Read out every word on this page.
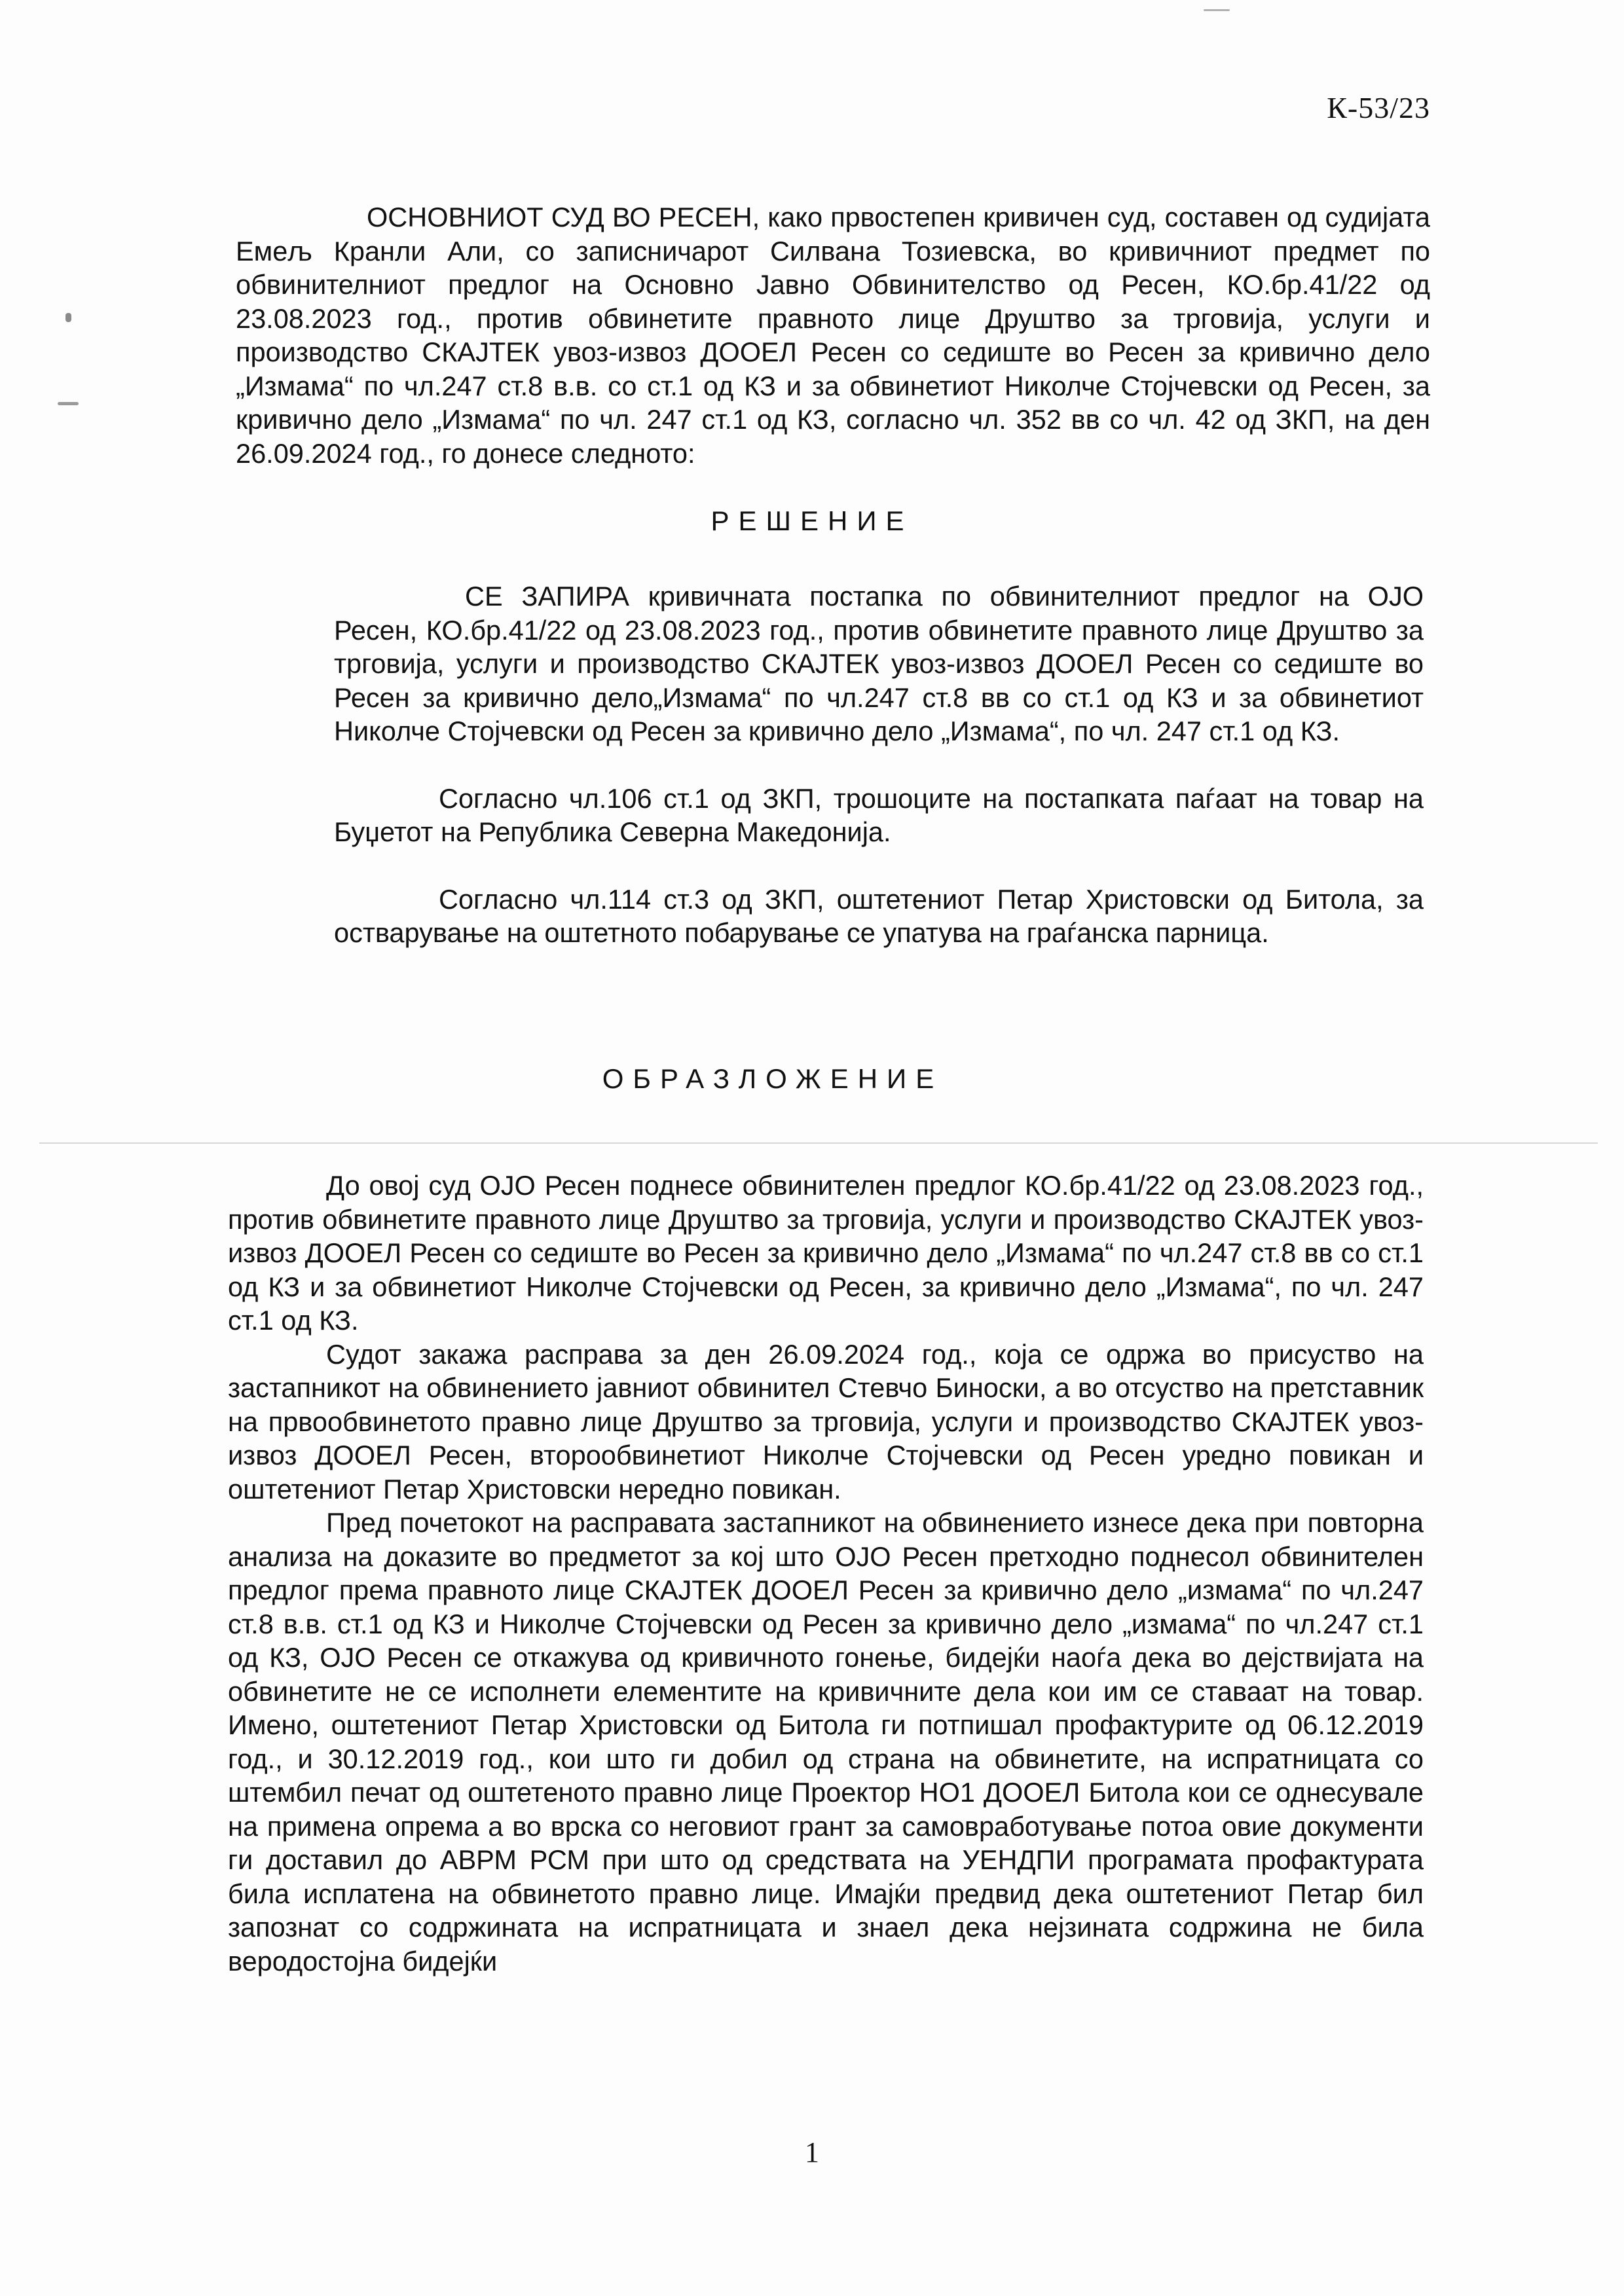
К-53/23

ОСНОВНИОТ СУД ВО РЕСЕН, како првостепен кривичен суд, составен од судијата Емељ Кранли Али, со записничарот Силвана Тозиевска, во кривичниот предмет по обвинителниот предлог на Основно Јавно Обвинителство од Ресен, КО.бр.41/22 од 23.08.2023 год., против обвинетите правното лице Друштво за трговија, услуги и производство СКАЈТЕК увоз-извоз ДООЕЛ Ресен со седиште во Ресен за кривично дело „Измама“ по чл.247 ст.8 в.в. со ст.1 од КЗ и за обвинетиот Николче Стојчевски од Ресен, за кривично дело „Измама“ по чл. 247 ст.1 од КЗ, согласно чл. 352 вв со чл. 42 од ЗКП, на ден 26.09.2024 год., го донесе следното:

РЕШЕНИЕ

СЕ ЗАПИРА кривичната постапка по обвинителниот предлог на ОЈО Ресен, КО.бр.41/22 од 23.08.2023 год., против обвинетите правното лице Друштво за трговија, услуги и производство СКАЈТЕК увоз-извоз ДООЕЛ Ресен со седиште во Ресен за кривично дело„Измама“ по чл.247 ст.8 вв со ст.1 од КЗ и за обвинетиот Николче Стојчевски од Ресен за кривично дело „Измама“, по чл. 247 ст.1 од КЗ.

Согласно чл.106 ст.1 од ЗКП, трошоците на постапката паѓаат на товар на Буџетот на Република Северна Македонија.

Согласно чл.114 ст.3 од ЗКП, оштетениот Петар Христовски од Битола, за остварување на оштетното побарување се упатува на граѓанска парница.

ОБРАЗЛОЖЕНИЕ

До овој суд ОЈО Ресен поднесе обвинителен предлог КО.бр.41/22 од 23.08.2023 год., против обвинетите правното лице Друштво за трговија, услуги и производство СКАЈТЕК увоз-извоз ДООЕЛ Ресен со седиште во Ресен за кривично дело „Измама“ по чл.247 ст.8 вв со ст.1 од КЗ и за обвинетиот Николче Стојчевски од Ресен, за кривично дело „Измама“, по чл. 247 ст.1 од КЗ.

Судот закажа расправа за ден 26.09.2024 год., која се одржа во присуство на застапникот на обвинението јавниот обвинител Стевчо Биноски, а во отсуство на претставник на првообвинетото правно лице Друштво за трговија, услуги и производство СКАЈТЕК увоз-извоз ДООЕЛ Ресен, второобвинетиот Николче Стојчевски од Ресен уредно повикан и оштетениот Петар Христовски нередно повикан.

Пред почетокот на расправата застапникот на обвинението изнесе дека при повторна анализа на доказите во предметот за кој што ОЈО Ресен претходно поднесол обвинителен предлог према правното лице СКАЈТЕК ДООЕЛ Ресен за кривично дело „измама“ по чл.247 ст.8 в.в. ст.1 од КЗ и Николче Стојчевски од Ресен за кривично дело „измама“ по чл.247 ст.1 од КЗ, ОЈО Ресен се откажува од кривичното гонење, бидејќи наоѓа дека во дејствијата на обвинетите не се исполнети елементите на кривичните дела кои им се ставаат на товар. Имено, оштетениот Петар Христовски од Битола ги потпишал профактурите од 06.12.2019 год., и 30.12.2019 год., кои што ги добил од страна на обвинетите, на испратницата со штембил печат од оштетеното правно лице Проектор НО1 ДООЕЛ Битола кои се однесувале на примена опрема а во врска со неговиот грант за самовработување потоа овие документи ги доставил до АВРМ РСМ при што од средствата на УЕНДПИ програмата профактурата била исплатена на обвинетото правно лице. Имајќи предвид дека оштетениот Петар бил запознат со содржината на испратницата и знаел дека нејзината содржина не била веродостојна бидејќи

1
